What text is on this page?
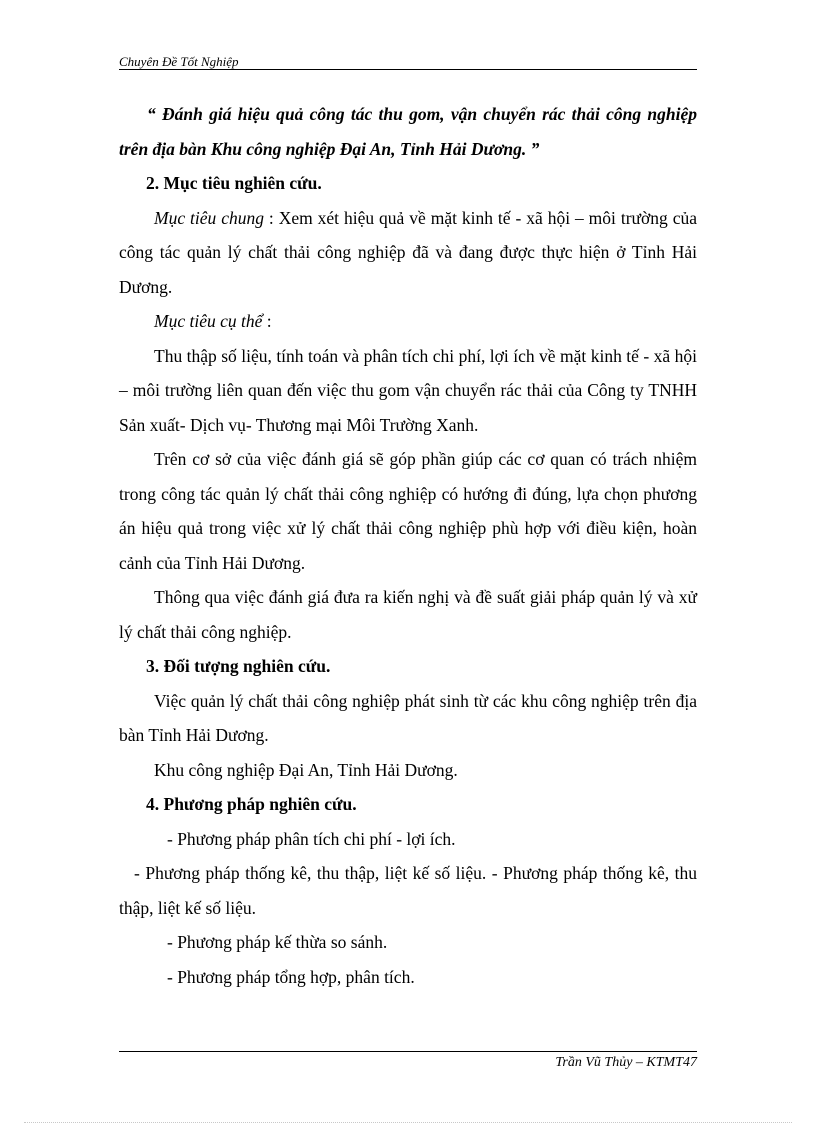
Chuyên Đề Tốt Nghiệp

“ Đánh giá hiệu quả công tác thu gom, vận chuyển rác thải công nghiệp trên địa bàn Khu công nghiệp Đại An, Tỉnh Hải Dương. ”

2. Mục tiêu nghiên cứu.

Mục tiêu chung : Xem xét hiệu quả về mặt kinh tế - xã hội – môi trường của công tác quản lý chất thải công nghiệp đã và đang được thực hiện ở Tỉnh Hải Dương.

Mục tiêu cụ thể :

Thu thập số liệu, tính toán và phân tích chi phí, lợi ích về mặt kinh tế - xã hội – môi trường liên quan đến việc thu gom vận chuyển rác thải của Công ty TNHH Sản xuất- Dịch vụ- Thương mại Môi Trường Xanh.

Trên cơ sở của việc đánh giá sẽ góp phần giúp các cơ quan có trách nhiệm trong công tác quản lý chất thải công nghiệp có hướng đi đúng, lựa chọn phương án hiệu quả trong việc xử lý chất thải công nghiệp phù hợp với điều kiện, hoàn cảnh của Tỉnh Hải Dương.

Thông qua việc đánh giá đưa ra kiến nghị và đề suất giải pháp quản lý và xử lý chất thải công nghiệp.

3. Đối tượng nghiên cứu.

Việc quản lý chất thải công nghiệp phát sinh từ các khu công nghiệp trên địa bàn Tỉnh Hải Dương.

Khu công nghiệp Đại An, Tỉnh Hải Dương.

4. Phương pháp nghiên cứu.

- Phương pháp phân tích chi phí - lợi ích.

- Phương pháp thống kê, thu thập, liệt kế số liệu. - Phương pháp thống kê, thu thập, liệt kế số liệu.

- Phương pháp kế thừa so sánh.

- Phương pháp tổng hợp, phân tích.

Trần Vũ Thủy – KTMT47
